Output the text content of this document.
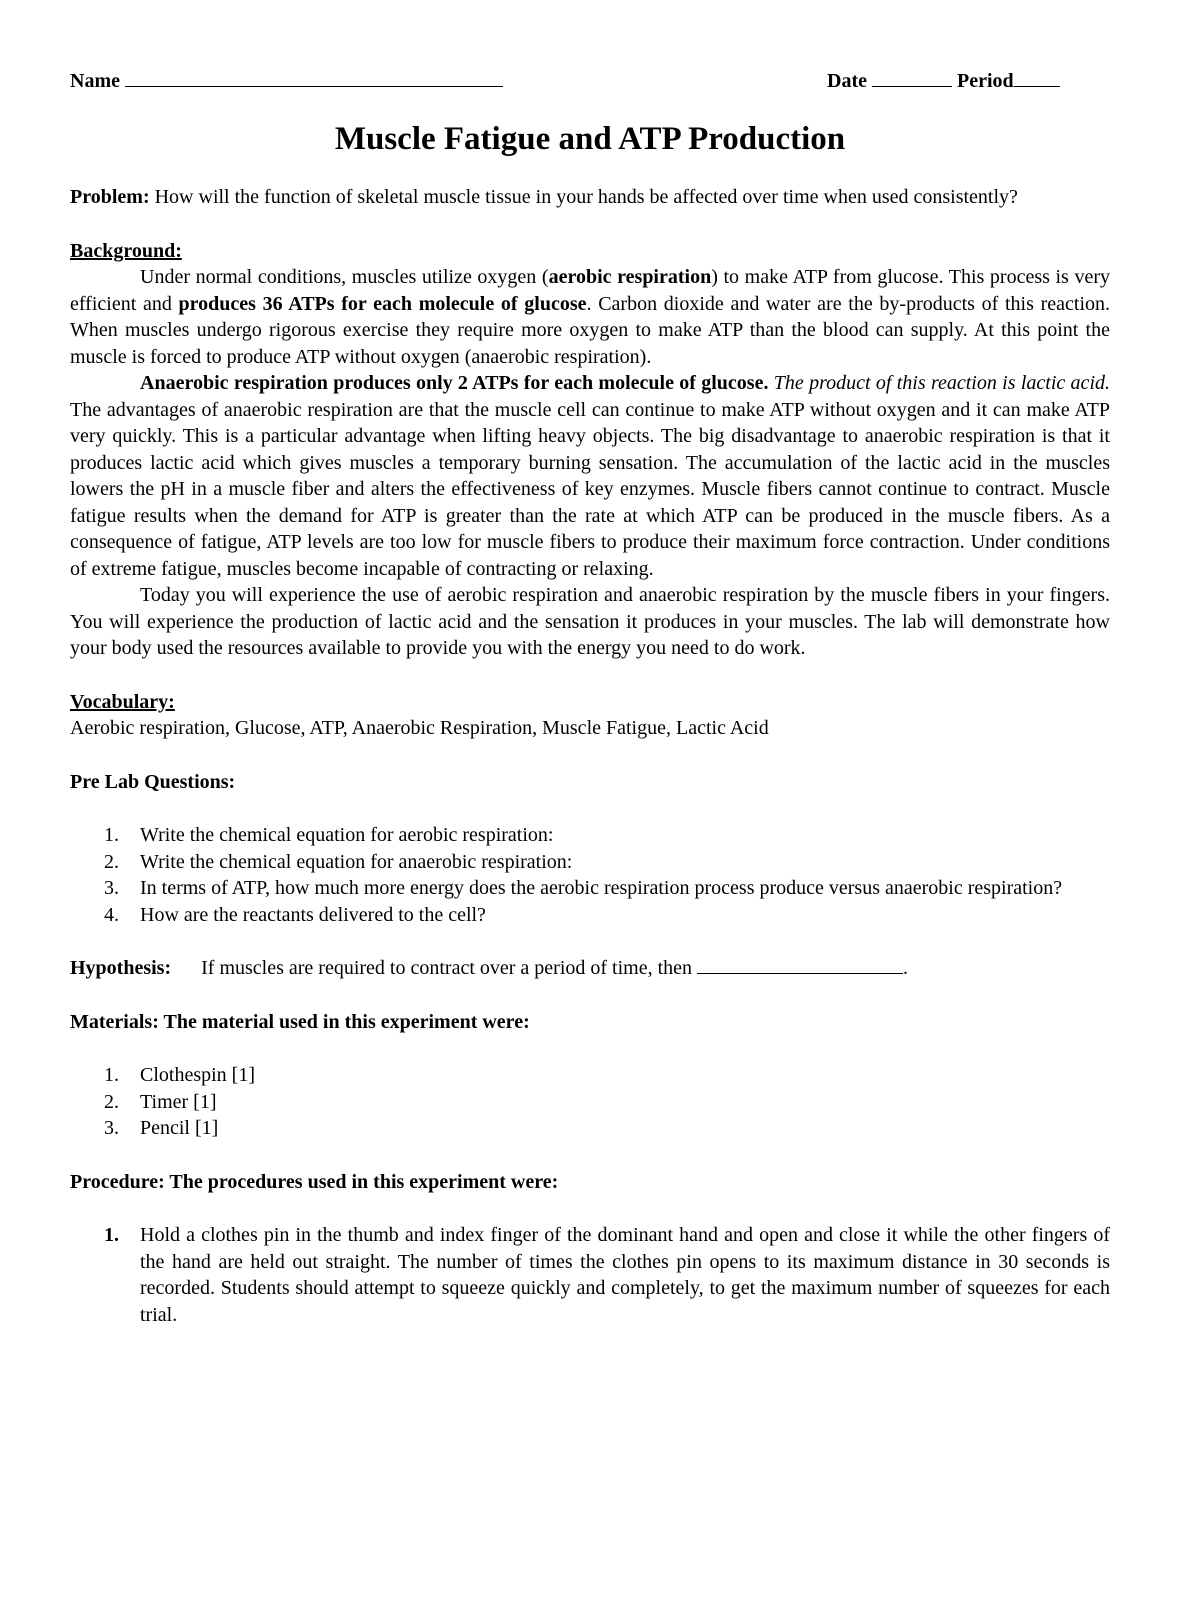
Name	Date	Period
Muscle Fatigue and ATP Production

Problem: How will the function of skeletal muscle tissue in your hands be affected over time when used consistently?

Background:

Under normal conditions, muscles utilize oxygen (aerobic respiration) to make ATP from glucose. This process is very efficient and produces 36 ATPs for each molecule of glucose. Carbon dioxide and water are the by-products of this reaction. When muscles undergo rigorous exercise they require more oxygen to make ATP than the blood can supply. At this point the muscle is forced to produce ATP without oxygen (anaerobic respiration).

Anaerobic respiration produces only 2 ATPs for each molecule of glucose. The product of this reaction is lactic acid. The advantages of anaerobic respiration are that the muscle cell can continue to make ATP without oxygen and it can make ATP very quickly. This is a particular advantage when lifting heavy objects. The big disadvantage to anaerobic respiration is that it produces lactic acid which gives muscles a temporary burning sensation. The accumulation of the lactic acid in the muscles lowers the pH in a muscle fiber and alters the effectiveness of key enzymes. Muscle fibers cannot continue to contract. Muscle fatigue results when the demand for ATP is greater than the rate at which ATP can be produced in the muscle fibers. As a consequence of fatigue, ATP levels are too low for muscle fibers to produce their maximum force contraction. Under conditions of extreme fatigue, muscles become incapable of contracting or relaxing.

Today you will experience the use of aerobic respiration and anaerobic respiration by the muscle fibers in your fingers. You will experience the production of lactic acid and the sensation it produces in your muscles. The lab will demonstrate how your body used the resources available to provide you with the energy you need to do work.

Vocabulary:

Aerobic respiration, Glucose, ATP, Anaerobic Respiration, Muscle Fatigue, Lactic Acid

Pre Lab Questions:
1. Write the chemical equation for aerobic respiration:
2. Write the chemical equation for anaerobic respiration:
3. In terms of ATP, how much more energy does the aerobic respiration process produce versus anaerobic respiration?
4. How are the reactants delivered to the cell?

Hypothesis: If muscles are required to contract over a period of time, then	.

Materials: The material used in this experiment were:
1. Clothespin [1]
2. Timer [1]
3. Pencil [1]
Procedure: The procedures used in this experiment were:
1. Hold a clothes pin in the thumb and index finger of the dominant hand and open and close it while the other fingers of the hand are held out straight. The number of times the clothes pin opens to its maximum distance in 30 seconds is recorded. Students should attempt to squeeze quickly and completely, to get the maximum number of squeezes for each trial.
